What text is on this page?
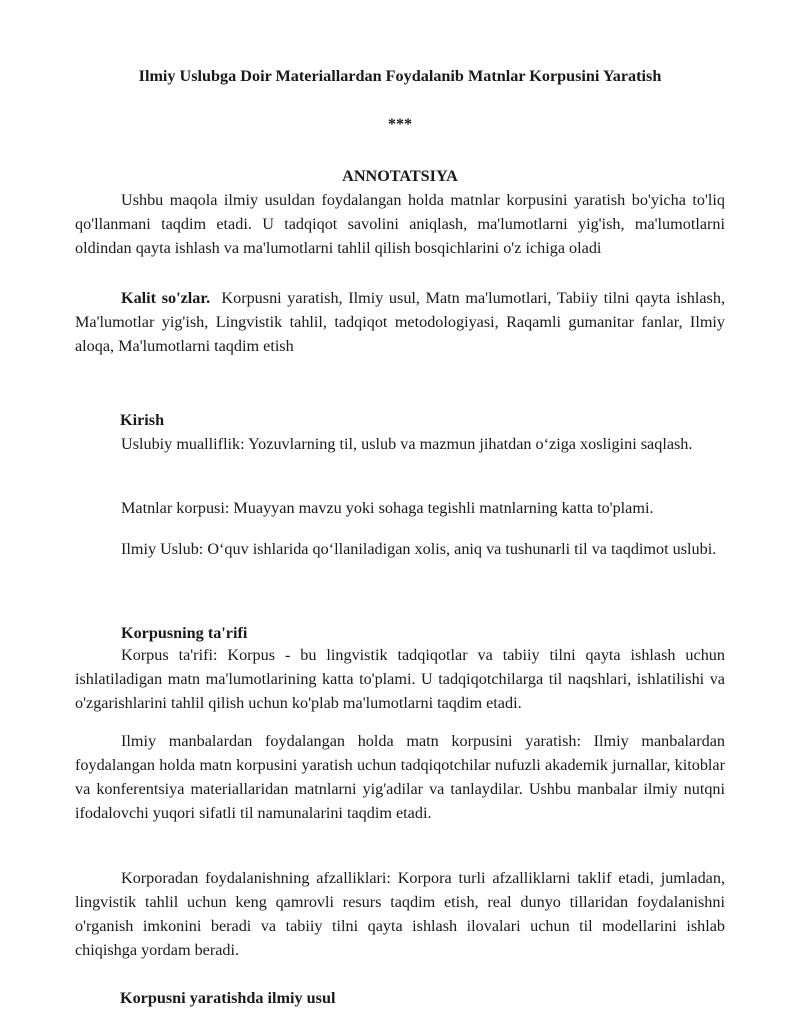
Ilmiy Uslubga Doir Materiallardan Foydalanib Matnlar Korpusini Yaratish
***
ANNOTATSIYA

Ushbu maqola ilmiy usuldan foydalangan holda matnlar korpusini yaratish bo'yicha to'liq qo'llanmani taqdim etadi. U tadqiqot savolini aniqlash, ma'lumotlarni yig'ish, ma'lumotlarni oldindan qayta ishlash va ma'lumotlarni tahlil qilish bosqichlarini o'z ichiga oladi

Kalit so'zlar. Korpusni yaratish, Ilmiy usul, Matn ma'lumotlari, Tabiiy tilni qayta ishlash, Ma'lumotlar yig'ish, Lingvistik tahlil, tadqiqot metodologiyasi, Raqamli gumanitar fanlar, Ilmiy aloqa, Ma'lumotlarni taqdim etish

Kirish

Uslubiy mualliflik: Yozuvlarning til, uslub va mazmun jihatdan o‘ziga xosligini saqlash.

Matnlar korpusi: Muayyan mavzu yoki sohaga tegishli matnlarning katta to'plami.

Ilmiy Uslub: O‘quv ishlarida qo‘llaniladigan xolis, aniq va tushunarli til va taqdimot uslubi.

Korpusning ta'rifi

Korpus ta'rifi: Korpus - bu lingvistik tadqiqotlar va tabiiy tilni qayta ishlash uchun ishlatiladigan matn ma'lumotlarining katta to'plami. U tadqiqotchilarga til naqshlari, ishlatilishi va o'zgarishlarini tahlil qilish uchun ko'plab ma'lumotlarni taqdim etadi.

Ilmiy manbalardan foydalangan holda matn korpusini yaratish: Ilmiy manbalardan foydalangan holda matn korpusini yaratish uchun tadqiqotchilar nufuzli akademik jurnallar, kitoblar va konferentsiya materiallaridan matnlarni yig'adilar va tanlaydilar. Ushbu manbalar ilmiy nutqni ifodalovchi yuqori sifatli til namunalarini taqdim etadi.

Korporadan foydalanishning afzalliklari: Korpora turli afzalliklarni taklif etadi, jumladan, lingvistik tahlil uchun keng qamrovli resurs taqdim etish, real dunyo tillaridan foydalanishni o'rganish imkonini beradi va tabiiy tilni qayta ishlash ilovalari uchun til modellarini ishlab chiqishga yordam beradi.

Korpusni yaratishda ilmiy usul
